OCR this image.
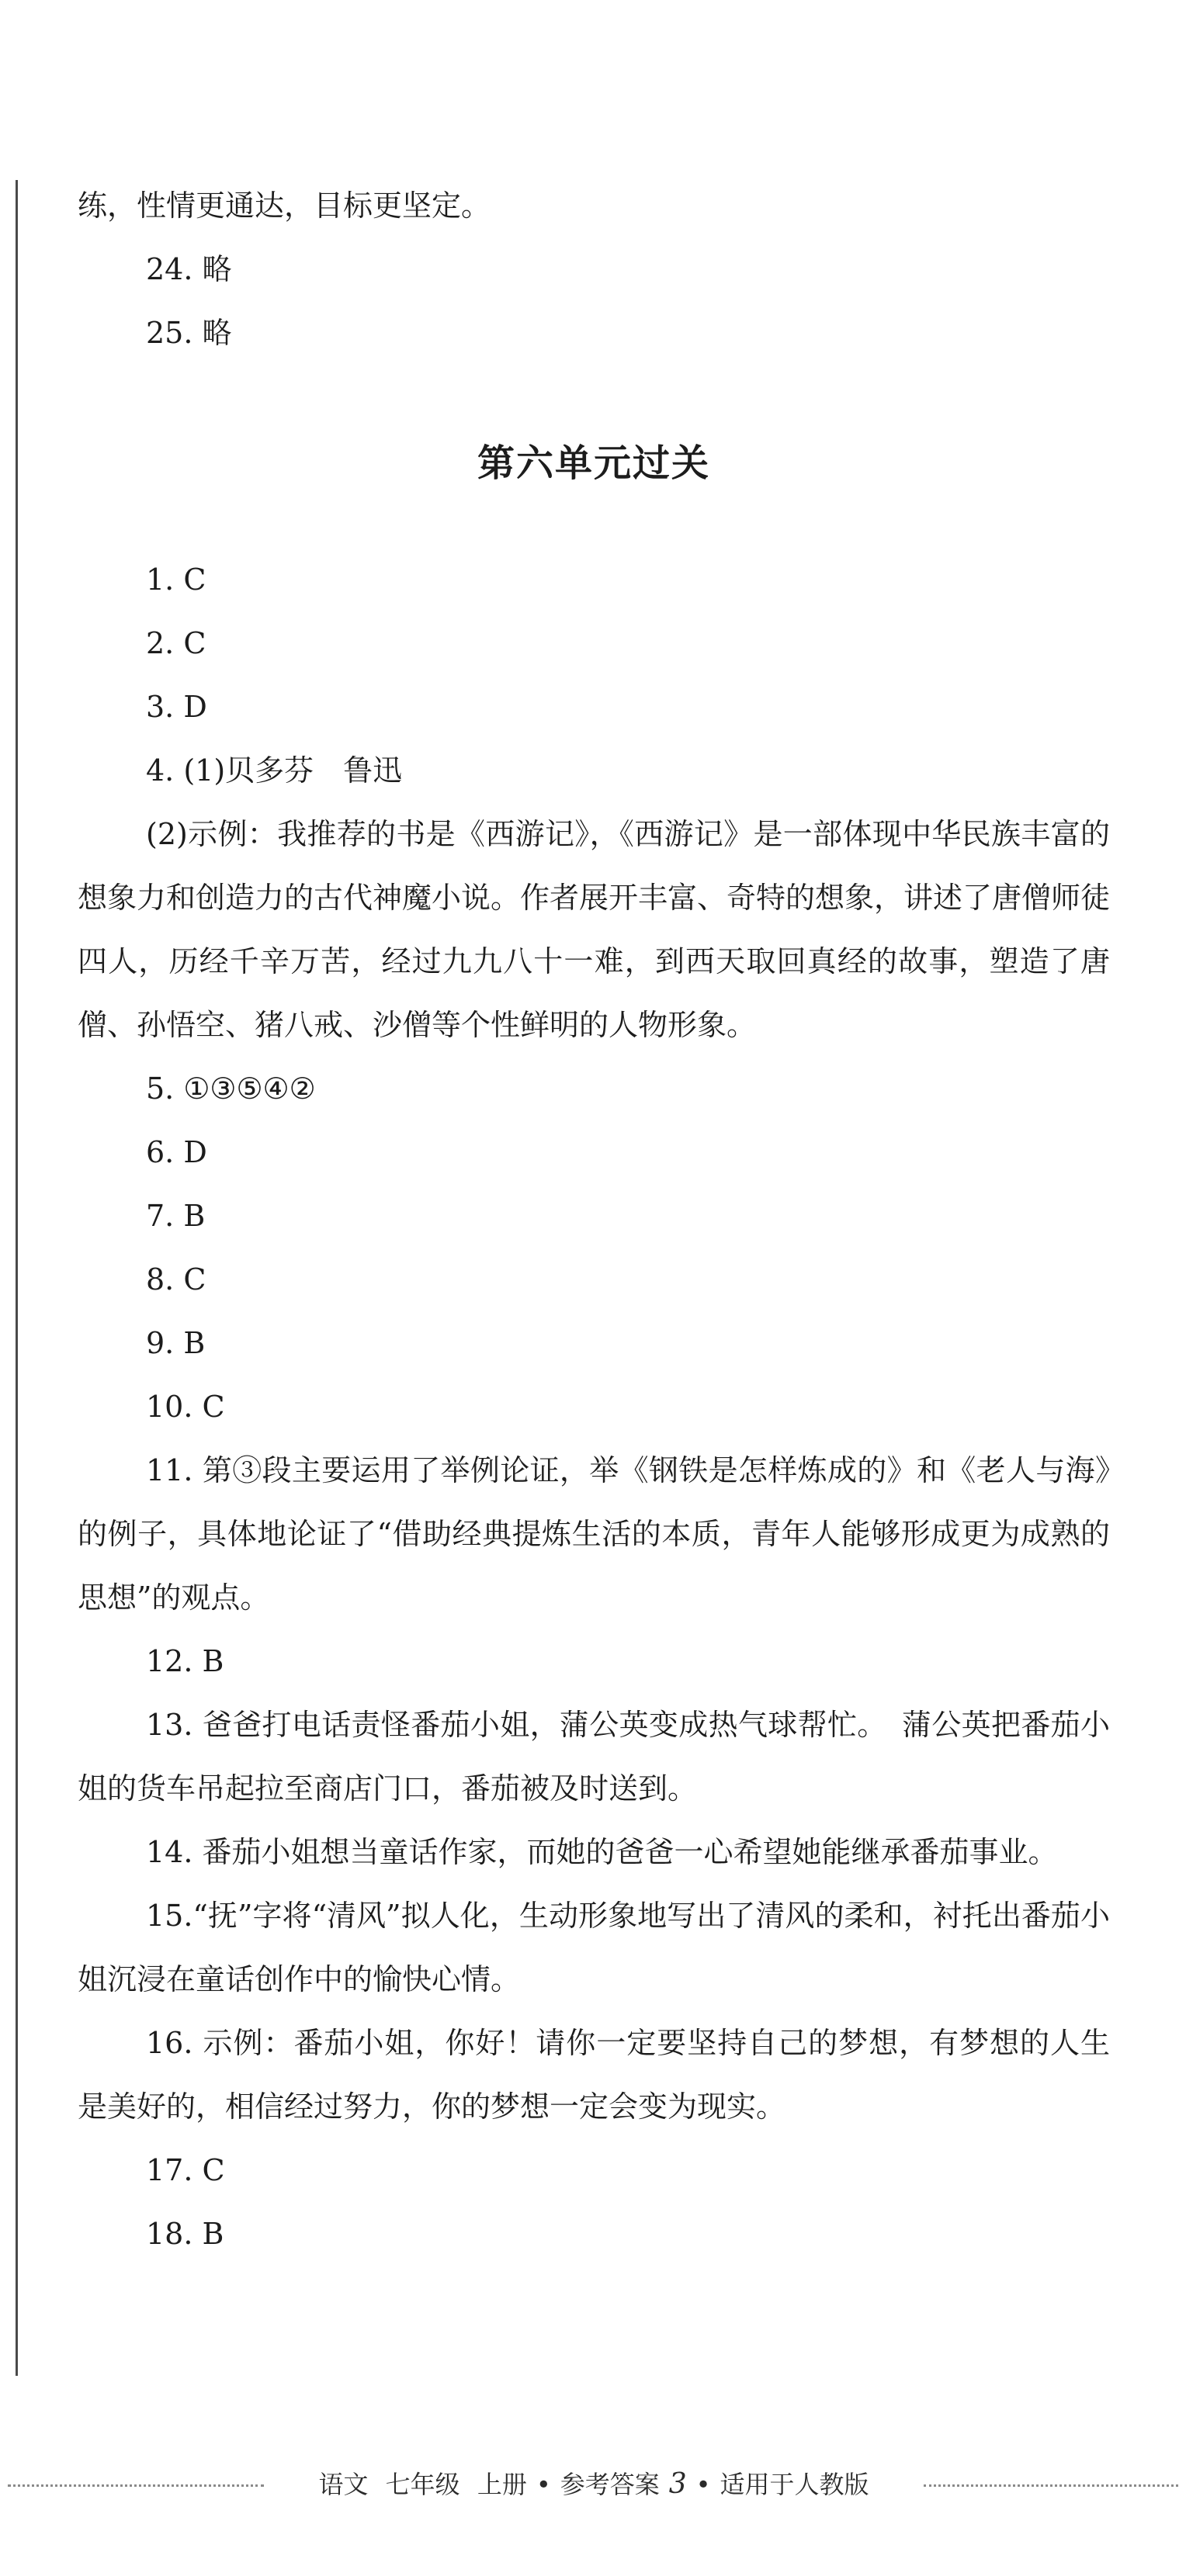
练，性情更通达，目标更坚定。

24. 略

25. 略

第六单元过关

1. C

2. C

3. D

4. (1)贝多芬　鲁迅

(2)示例：我推荐的书是《西游记》，《西游记》是一部体现中华民族丰富的想象力和创造力的古代神魔小说。作者展开丰富、奇特的想象，讲述了唐僧师徒四人，历经千辛万苦，经过九九八十一难，到西天取回真经的故事，塑造了唐僧、孙悟空、猪八戒、沙僧等个性鲜明的人物形象。

5. ①③⑤④②

6. D

7. B

8. C

9. B

10. C

11. 第③段主要运用了举例论证，举《钢铁是怎样炼成的》和《老人与海》的例子，具体地论证了“借助经典提炼生活的本质，青年人能够形成更为成熟的思想”的观点。

12. B

13. 爸爸打电话责怪番茄小姐，蒲公英变成热气球帮忙。　蒲公英把番茄小姐的货车吊起拉至商店门口，番茄被及时送到。

14. 番茄小姐想当童话作家，而她的爸爸一心希望她能继承番茄事业。

15.“抚”字将“清风”拟人化，生动形象地写出了清风的柔和，衬托出番茄小姐沉浸在童话创作中的愉快心情。

16. 示例：番茄小姐，你好！请你一定要坚持自己的梦想，有梦想的人生是美好的，相信经过努力，你的梦想一定会变为现实。

17. C

18. B

语文 七年级 上册 • 参考答案 3 • 适用于人教版
